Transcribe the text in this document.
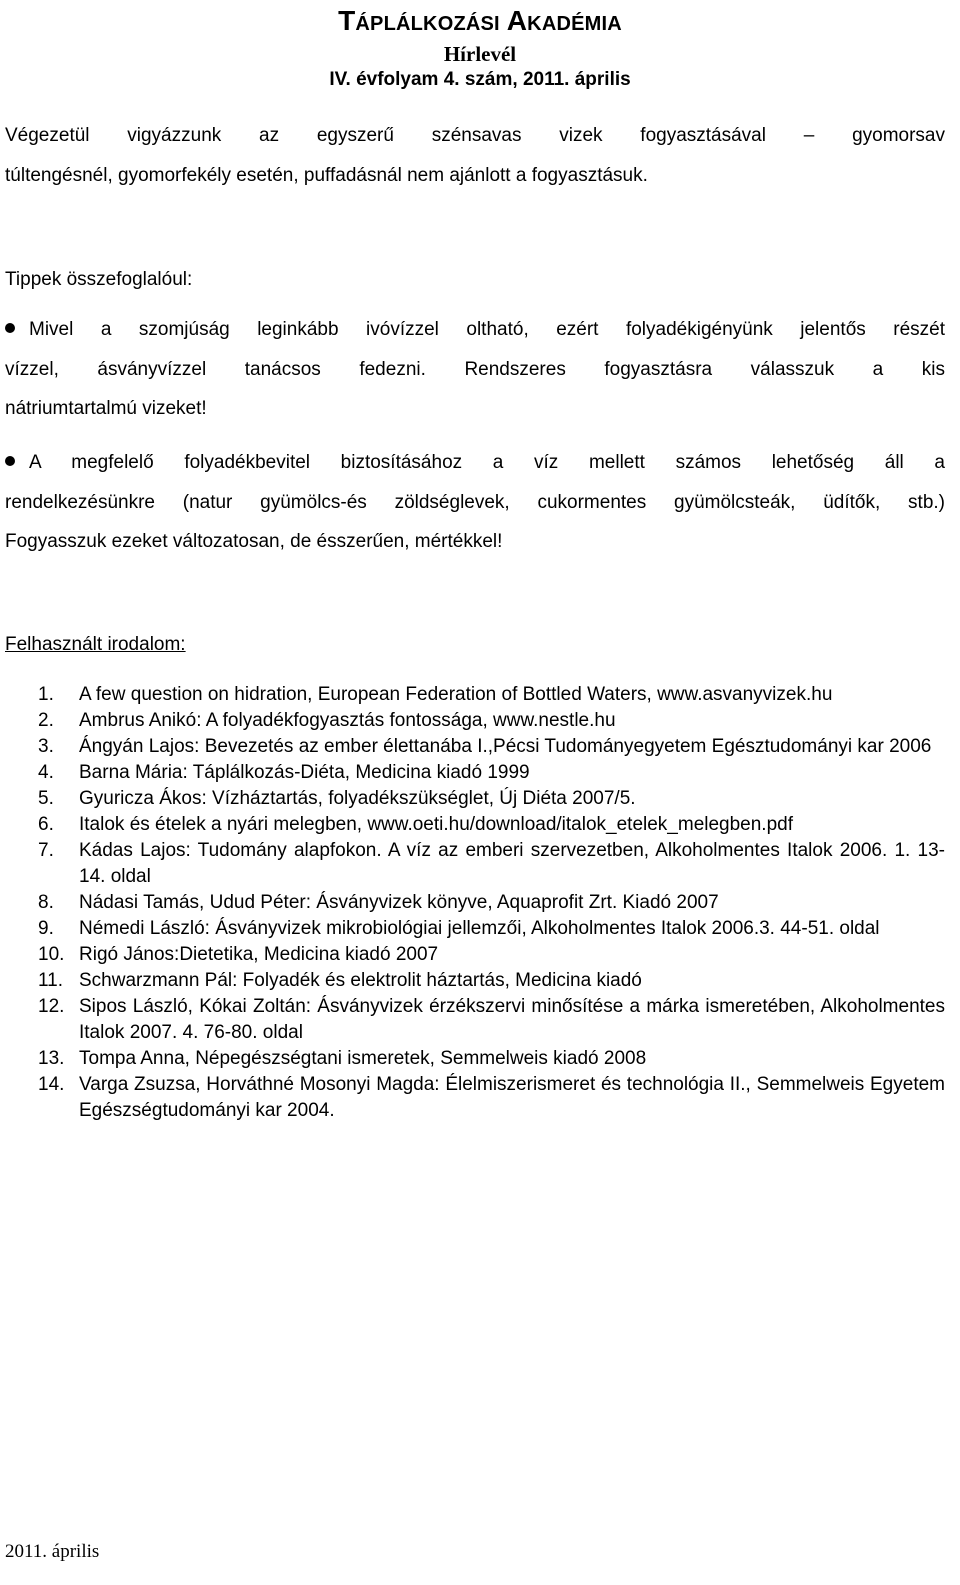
Táplálkozási Akadémia
Hírlevél
IV. évfolyam 4. szám, 2011. április
Végezetül vigyázzunk az egyszerű szénsavas vizek fogyasztásával – gyomorsav
túltengésnél, gyomorfekély esetén, puffadásnál nem ajánlott a fogyasztásuk.
Tippek összefoglalóul:
Mivel a szomjúság leginkább ivóvízzel oltható, ezért folyadékigényünk jelentős részét
vízzel, ásványvízzel tanácsos fedezni. Rendszeres fogyasztásra válasszuk a kis
nátriumtartalmú vizeket!
A megfelelő folyadékbevitel biztosításához a víz mellett számos lehetőség áll a
rendelkezésünkre (natur gyümölcs-és zöldséglevek, cukormentes gyümölcsteák, üdítők, stb.)
Fogyasszuk ezeket változatosan, de ésszerűen, mértékkel!
Felhasznált irodalom:
1.	A few question on hidration, European Federation of Bottled Waters, www.asvanyvizek.hu
2.	Ambrus Anikó: A folyadékfogyasztás fontossága, www.nestle.hu
3.	Ángyán Lajos: Bevezetés az ember élettanába I.,Pécsi Tudományegyetem Egésztudományi kar 2006
4.	Barna Mária: Táplálkozás-Diéta, Medicina kiadó 1999
5.	Gyuricza Ákos: Vízháztartás, folyadékszükséglet, Új Diéta 2007/5.
6.	Italok és ételek a nyári melegben, www.oeti.hu/download/italok_etelek_melegben.pdf
7.	Kádas Lajos: Tudomány alapfokon. A víz az emberi szervezetben, Alkoholmentes Italok 2006. 1. 13-14. oldal
8.	Nádasi Tamás, Udud Péter: Ásványvizek könyve, Aquaprofit Zrt. Kiadó 2007
9.	Némedi László: Ásványvizek mikrobiológiai jellemzői, Alkoholmentes Italok 2006.3. 44-51. oldal
10. Rigó János:Dietetika, Medicina kiadó 2007
11. Schwarzmann Pál: Folyadék és elektrolit háztartás, Medicina kiadó
12. Sipos László, Kókai Zoltán: Ásványvizek érzékszervi minősítése a márka ismeretében, Alkoholmentes Italok 2007. 4. 76-80. oldal
13. Tompa Anna, Népegészségtani ismeretek, Semmelweis kiadó 2008
14. Varga Zsuzsa, Horváthné Mosonyi Magda: Élelmiszerismeret és technológia II., Semmelweis Egyetem Egészségtudományi kar 2004.
2011. április
